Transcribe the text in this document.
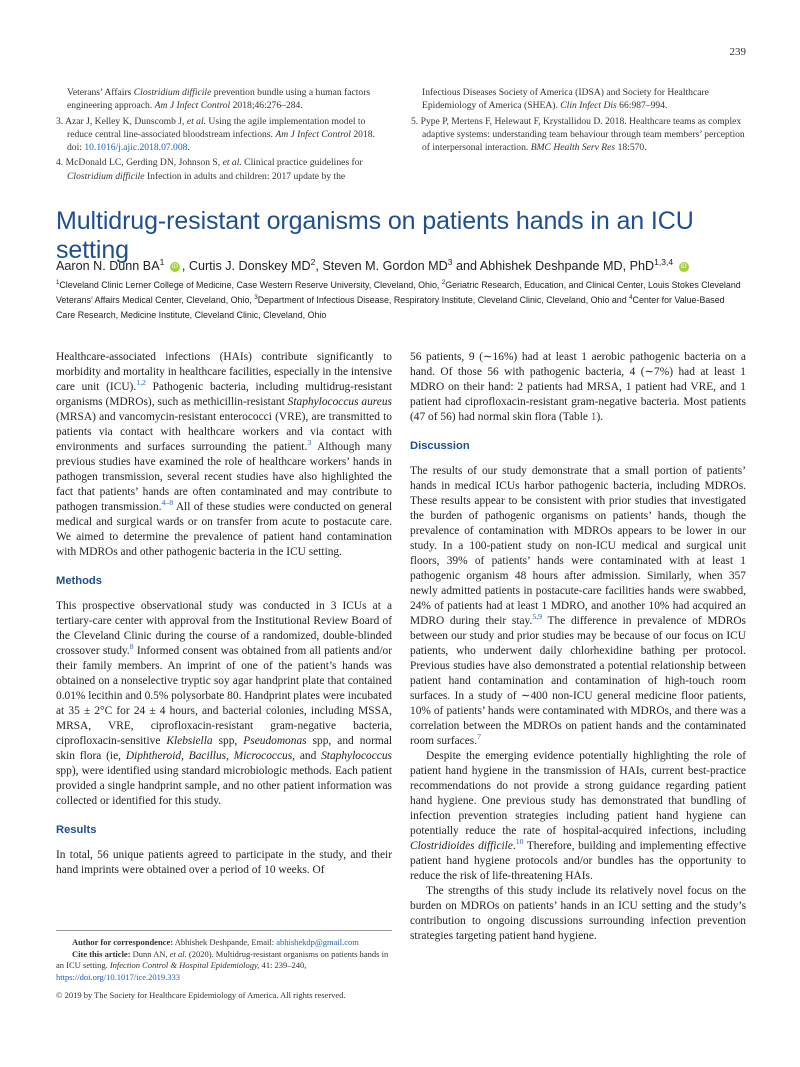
239
Veterans’ Affairs Clostridium difficile prevention bundle using a human factors engineering approach. Am J Infect Control 2018;46:276–284.
3. Azar J, Kelley K, Dunscomb J, et al. Using the agile implementation model to reduce central line-associated bloodstream infections. Am J Infect Control 2018. doi: 10.1016/j.ajic.2018.07.008.
4. McDonald LC, Gerding DN, Johnson S, et al. Clinical practice guidelines for Clostridium difficile Infection in adults and children: 2017 update by the
Infectious Diseases Society of America (IDSA) and Society for Healthcare Epidemiology of America (SHEA). Clin Infect Dis 66:987–994.
5. Pype P, Mertens F, Helewaut F, Krystallidou D. 2018. Healthcare teams as complex adaptive systems: understanding team behaviour through team members’ perception of interpersonal interaction. BMC Health Serv Res 18:570.
Multidrug-resistant organisms on patients hands in an ICU setting
Aaron N. Dunn $BA^1$ iD , Curtis J. Donskey $MD^2$, Steven M. Gordon $MD^3$ and Abhishek Deshpande MD, PhD$^{1,3,4}$ iD
$^1$Cleveland Clinic Lerner College of Medicine, Case Western Reserve University, Cleveland, Ohio, $^2$Geriatric Research, Education, and Clinical Center, Louis Stokes Cleveland Veterans’ Affairs Medical Center, Cleveland, Ohio, $^3$Department of Infectious Disease, Respiratory Institute, Cleveland Clinic, Cleveland, Ohio and $^4$Center for Value-Based Care Research, Medicine Institute, Cleveland Clinic, Cleveland, Ohio

Healthcare-associated infections (HAIs) contribute significantly to morbidity and mortality in healthcare facilities, especially in the intensive care unit (ICU).$^{1,2}$ Pathogenic bacteria, including multidrug-resistant organisms (MDROs), such as methicillin-resistant Staphylococcus aureus (MRSA) and vancomycin-resistant enterococci (VRE), are transmitted to patients via contact with healthcare workers and via contact with environments and surfaces surrounding the patient.$^3$ Although many previous studies have examined the role of healthcare workers’ hands in pathogen transmission, several recent studies have also highlighted the fact that patients’ hands are often contaminated and may contribute to pathogen transmission.$^{4-8}$ All of these studies were conducted on general medical and surgical wards or on transfer from acute to postacute care. We aimed to determine the prevalence of patient hand contamination with MDROs and other pathogenic bacteria in the ICU setting.

Methods

This prospective observational study was conducted in 3 ICUs at a tertiary-care center with approval from the Institutional Review Board of the Cleveland Clinic during the course of a randomized, double-blinded crossover study.$^8$ Informed consent was obtained from all patients and/or their family members. An imprint of one of the patient’s hands was obtained on a nonselective tryptic soy agar handprint plate that contained 0.01% lecithin and 0.5% polysorbate 80. Handprint plates were incubated at 35 ± 2°C for 24 ± 4 hours, and bacterial colonies, including MSSA, MRSA, VRE, ciprofloxacin-resistant gram-negative bacteria, ciprofloxacin-sensitive Klebsiella spp, Pseudomonas spp, and normal skin flora (ie, Diphtheroid, Bacillus, Micrococcus, and Staphylococcus spp), were identified using standard microbiologic methods. Each patient provided a single handprint sample, and no other patient information was collected or identified for this study.

Results

In total, 56 unique patients agreed to participate in the study, and their hand imprints were obtained over a period of 10 weeks. Of

56 patients, 9 (∼16%) had at least 1 aerobic pathogenic bacteria on a hand. Of those 56 with pathogenic bacteria, 4 (∼7%) had at least 1 MDRO on their hand: 2 patients had MRSA, 1 patient had VRE, and 1 patient had ciprofloxacin-resistant gram-negative bacteria. Most patients (47 of 56) had normal skin flora (Table 1).

Discussion

The results of our study demonstrate that a small portion of patients’ hands in medical ICUs harbor pathogenic bacteria, including MDROs. These results appear to be consistent with prior studies that investigated the burden of pathogenic organisms on patients’ hands, though the prevalence of contamination with MDROs appears to be lower in our study. In a 100-patient study on non-ICU medical and surgical unit floors, 39% of patients’ hands were contaminated with at least 1 pathogenic organism 48 hours after admission. Similarly, when 357 newly admitted patients in postacute-care facilities hands were swabbed, 24% of patients had at least 1 MDRO, and another 10% had acquired an MDRO during their stay.$^{5,9}$ The difference in prevalence of MDROs between our study and prior studies may be because of our focus on ICU patients, who underwent daily chlorhexidine bathing per protocol. Previous studies have also demonstrated a potential relationship between patient hand contamination and contamination of high-touch room surfaces. In a study of ∼400 non-ICU general medicine floor patients, 10% of patients’ hands were contaminated with MDROs, and there was a correlation between the MDROs on patient hands and the contaminated room surfaces.$^7$

Despite the emerging evidence potentially highlighting the role of patient hand hygiene in the transmission of HAIs, current best-practice recommendations do not provide a strong guidance regarding patient hand hygiene. One previous study has demonstrated that bundling of infection prevention strategies including patient hand hygiene can potentially reduce the rate of hospital-acquired infections, including Clostridioides difficile.$^{10}$ Therefore, building and implementing effective patient hand hygiene protocols and/or bundles has the opportunity to reduce the risk of life-threatening HAIs.

The strengths of this study include its relatively novel focus on the burden on MDROs on patients’ hands in an ICU setting and the study’s contribution to ongoing discussions surrounding infection prevention strategies targeting patient hand hygiene.

Author for correspondence: Abhishek Deshpande, Email: abhishekdp@gmail.com

Cite this article: Dunn AN, et al. (2020). Multidrug-resistant organisms on patients hands in an ICU setting. Infection Control & Hospital Epidemiology, 41: 239–240, https://doi.org/10.1017/ice.2019.333

© 2019 by The Society for Healthcare Epidemiology of America. All rights reserved.
